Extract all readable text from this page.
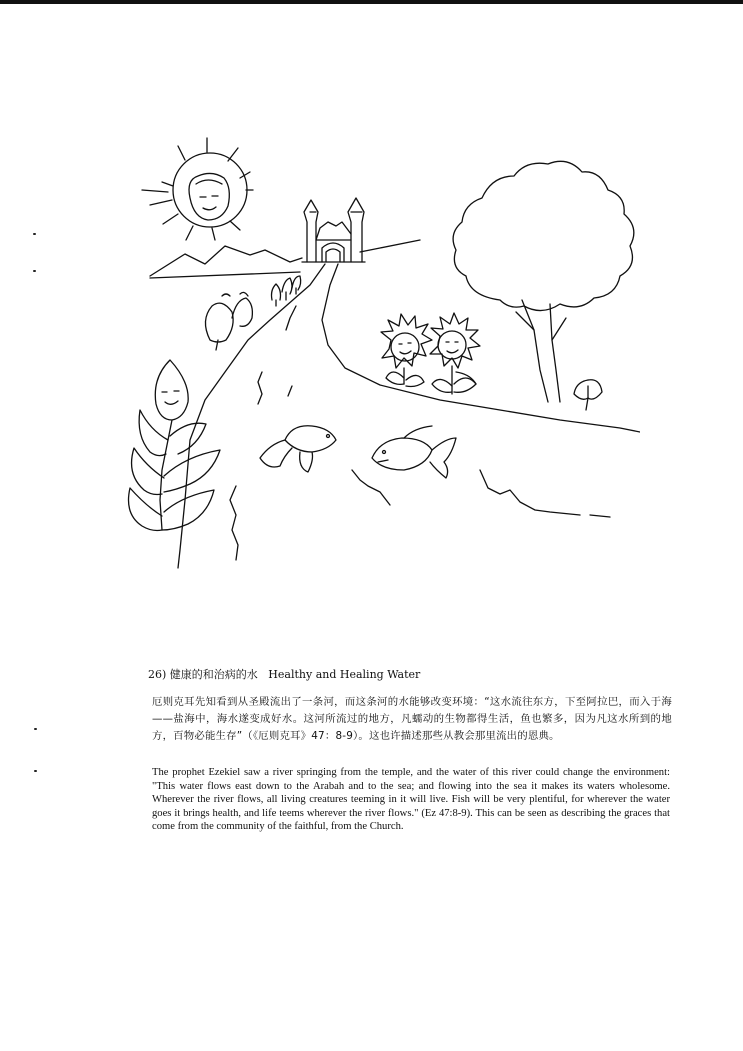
26) 健康的和治病的水 Healthy and Healing Water
厄则克耳先知看到从圣殿流出了一条河，而这条河的水能够改变环境：“这水流往东方，下至阿拉巴，而入于海——盐海中，海水遂变成好水。这河所流过的地方，凡蠕动的生物都得生活，鱼也繁多，因为凡这水所到的地方，百物必能生存”（《厄则克耳》47：8-9）。这也许描述那些从教会那里流出的恩典。
The prophet Ezekiel saw a river springing from the temple, and the water of this river could change the environment: "This water flows east down to the Arabah and to the sea; and flowing into the sea it makes its waters wholesome. Wherever the river flows, all living creatures teeming in it will live. Fish will be very plentiful, for wherever the water goes it brings health, and life teems wherever the river flows." (Ez 47:8-9). This can be seen as describing the graces that come from the community of the faithful, from the Church.
